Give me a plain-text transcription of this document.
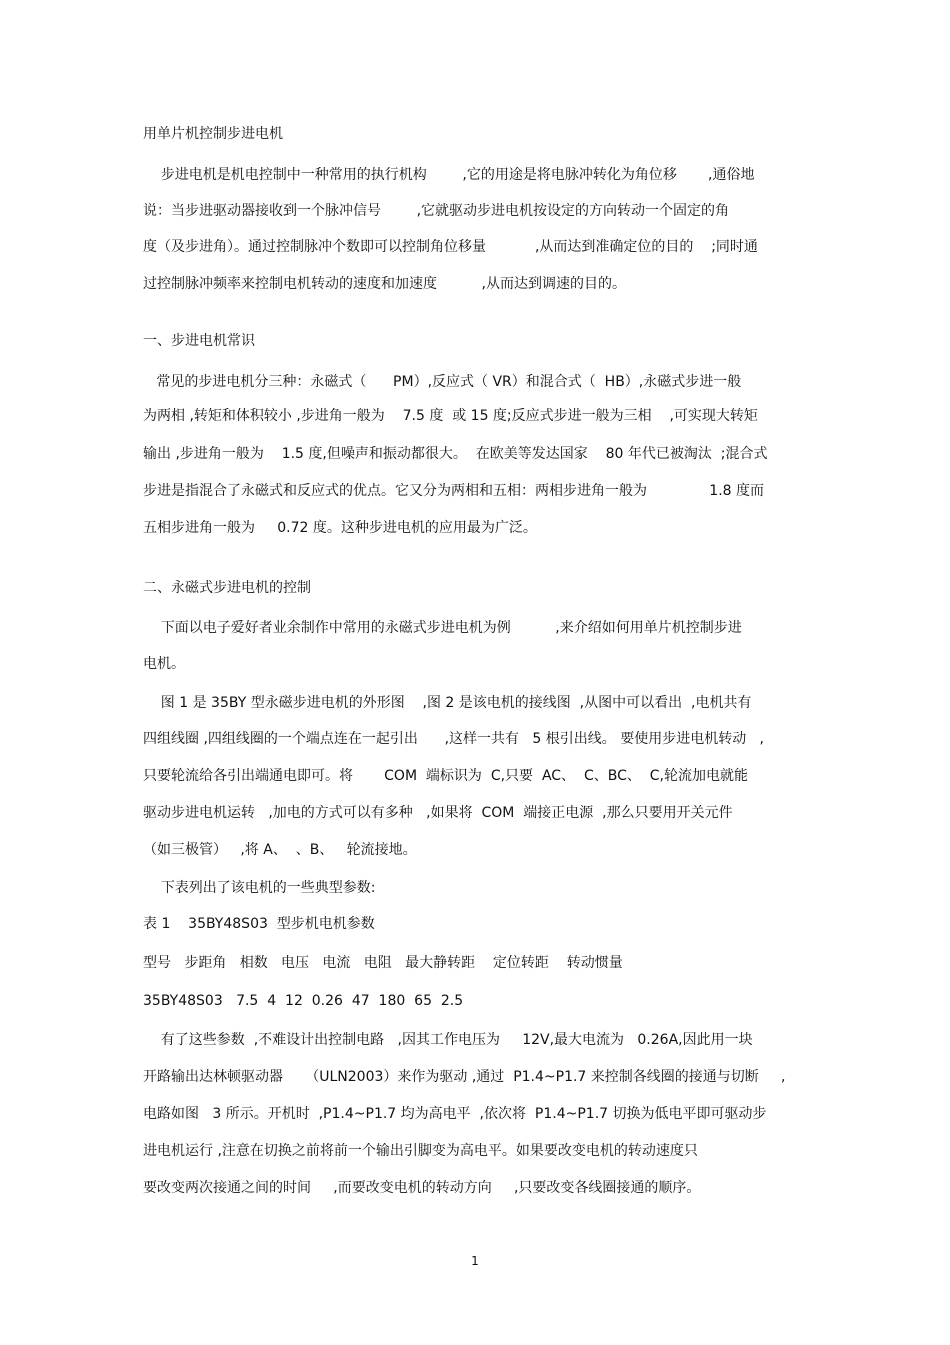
用单片机控制步进电机
步进电机是机电控制中一种常用的执行机构        ,它的用途是将电脉冲转化为角位移       ,通俗地
说：当步进驱动器接收到一个脉冲信号        ,它就驱动步进电机按设定的方向转动一个固定的角
度（及步进角）。通过控制脉冲个数即可以控制角位移量           ,从而达到准确定位的目的    ;同时通
过控制脉冲频率来控制电机转动的速度和加速度          ,从而达到调速的目的。
一、步进电机常识
常见的步进电机分三种：永磁式（      PM）,反应式（ VR）和混合式（  HB）,永磁式步进一般
为两相 ,转矩和体积较小 ,步进角一般为    7.5 度  或 15 度;反应式步进一般为三相    ,可实现大转矩
输出 ,步进角一般为    1.5 度,但噪声和振动都很大。  在欧美等发达国家    80 年代已被淘汰  ;混合式
步进是指混合了永磁式和反应式的优点。它又分为两相和五相：两相步进角一般为              1.8 度而
五相步进角一般为     0.72 度。这种步进电机的应用最为广泛。
二、永磁式步进电机的控制
下面以电子爱好者业余制作中常用的永磁式步进电机为例          ,来介绍如何用单片机控制步进
电机。
图 1 是 35BY 型永磁步进电机的外形图    ,图 2 是该电机的接线图  ,从图中可以看出  ,电机共有
四组线圈 ,四组线圈的一个端点连在一起引出      ,这样一共有   5 根引出线。 要使用步进电机转动   ,
只要轮流给各引出端通电即可。将       COM  端标识为  C,只要  AC、  C、BC、  C,轮流加电就能
驱动步进电机运转   ,加电的方式可以有多种   ,如果将  COM  端接正电源  ,那么只要用开关元件
（如三极管）   ,将 A、  、B、   轮流接地。
下表列出了该电机的一些典型参数:
表 1    35BY48S03  型步机电机参数
型号   步距角   相数   电压   电流   电阻   最大静转距    定位转距    转动惯量
35BY48S03   7.5  4  12  0.26  47  180  65  2.5
有了这些参数  ,不难设计出控制电路   ,因其工作电压为     12V,最大电流为   0.26A,因此用一块
开路输出达林顿驱动器     （ULN2003）来作为驱动 ,通过  P1.4~P1.7 来控制各线圈的接通与切断     ,
电路如图   3 所示。开机时  ,P1.4~P1.7 均为高电平  ,依次将  P1.4~P1.7 切换为低电平即可驱动步
进电机运行 ,注意在切换之前将前一个输出引脚变为高电平。如果要改变电机的转动速度只
要改变两次接通之间的时间     ,而要改变电机的转动方向     ,只要改变各线圈接通的顺序。
1
